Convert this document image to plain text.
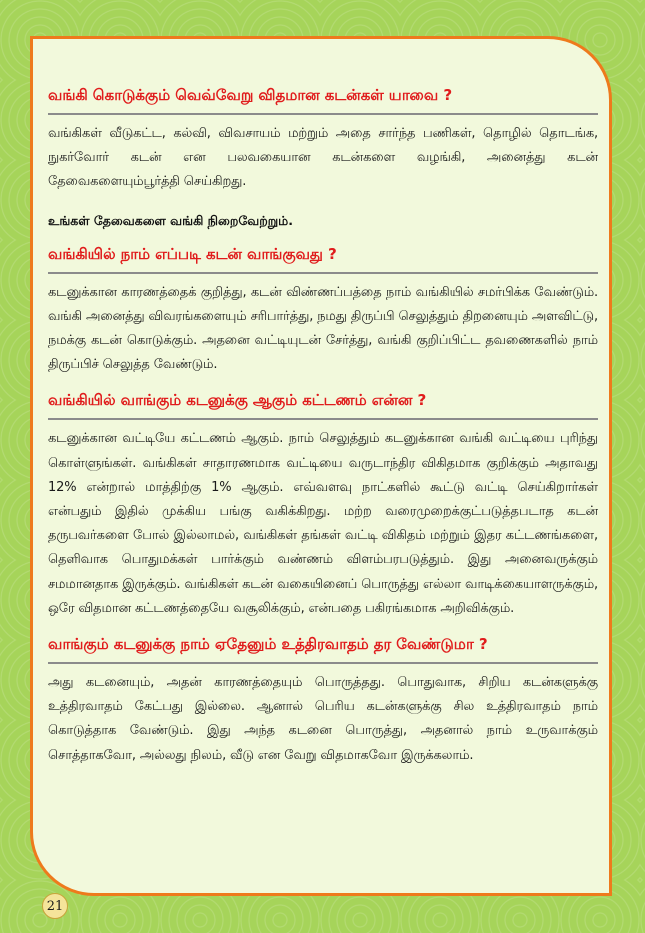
வங்கி கொடுக்கும் வெவ்வேறு விதமான கடன்கள் யாவை ?

வங்கிகள் வீடுகட்ட, கல்வி, விவசாயம் மற்றும் அதை சார்ந்த பணிகள், தொழில் தொடங்க, நுகர்வோர் கடன் என பலவகையான கடன்களை வழங்கி, அனைத்து கடன் தேவைகளையும்பூர்த்தி செய்கிறது.

உங்கள் தேவைகளை வங்கி நிறைவேற்றும்.

வங்கியில் நாம் எப்படி கடன் வாங்குவது ?

கடனுக்கான காரணத்தைக் குறித்து, கடன் விண்ணப்பத்தை நாம் வங்கியில் சமர்பிக்க வேண்டும். வங்கி அனைத்து விவரங்களையும் சரிபார்த்து, நமது திருப்பி செலுத்தும் திறனையும் அளவிட்டு, நமக்கு கடன் கொடுக்கும். அதனை வட்டியுடன் சேர்த்து, வங்கி குறிப்பிட்ட தவணைகளில் நாம் திருப்பிச் செலுத்த வேண்டும்.

வங்கியில் வாங்கும் கடனுக்கு ஆகும் கட்டணம் என்ன ?

கடனுக்கான வட்டியே கட்டணம் ஆகும். நாம் செலுத்தும் கடனுக்கான வங்கி வட்டியை புரிந்து கொள்ளுங்கள். வங்கிகள் சாதாரணமாக வட்டியை வருடாந்திர விகிதமாக குறிக்கும் அதாவது 12% என்றால் மாத்திற்கு 1% ஆகும். எவ்வளவு நாட்களில் கூட்டு வட்டி செய்கிறார்கள் என்பதும் இதில் முக்கிய பங்கு வகிக்கிறது. மற்ற வரைமுறைக்குட்படுத்தபடாத கடன் தருபவர்களை போல் இல்லாமல், வங்கிகள் தங்கள் வட்டி விகிதம் மற்றும் இதர கட்டணங்களை, தெளிவாக பொதுமக்கள் பார்க்கும் வண்ணம் விளம்பரபடுத்தும். இது அனைவருக்கும் சமமானதாக இருக்கும். வங்கிகள் கடன் வகையினைப் பொருத்து எல்லா வாடிக்கையாளருக்கும், ஒரே விதமான கட்டணத்தையே வசூலிக்கும், என்பதை பகிரங்கமாக அறிவிக்கும்.

வாங்கும் கடனுக்கு நாம் ஏதேனும் உத்திரவாதம் தர வேண்டுமா ?

அது கடனையும், அதன் காரணத்தையும் பொருத்தது. பொதுவாக, சிறிய கடன்களுக்கு உத்திரவாதம் கேட்பது இல்லை. ஆனால் பெரிய கடன்களுக்கு சில உத்திரவாதம் நாம் கொடுத்தாக வேண்டும். இது அந்த கடனை பொருத்து, அதனால் நாம் உருவாக்கும் சொத்தாகவோ, அல்லது நிலம், வீடு என வேறு விதமாகவோ இருக்கலாம்.

21
